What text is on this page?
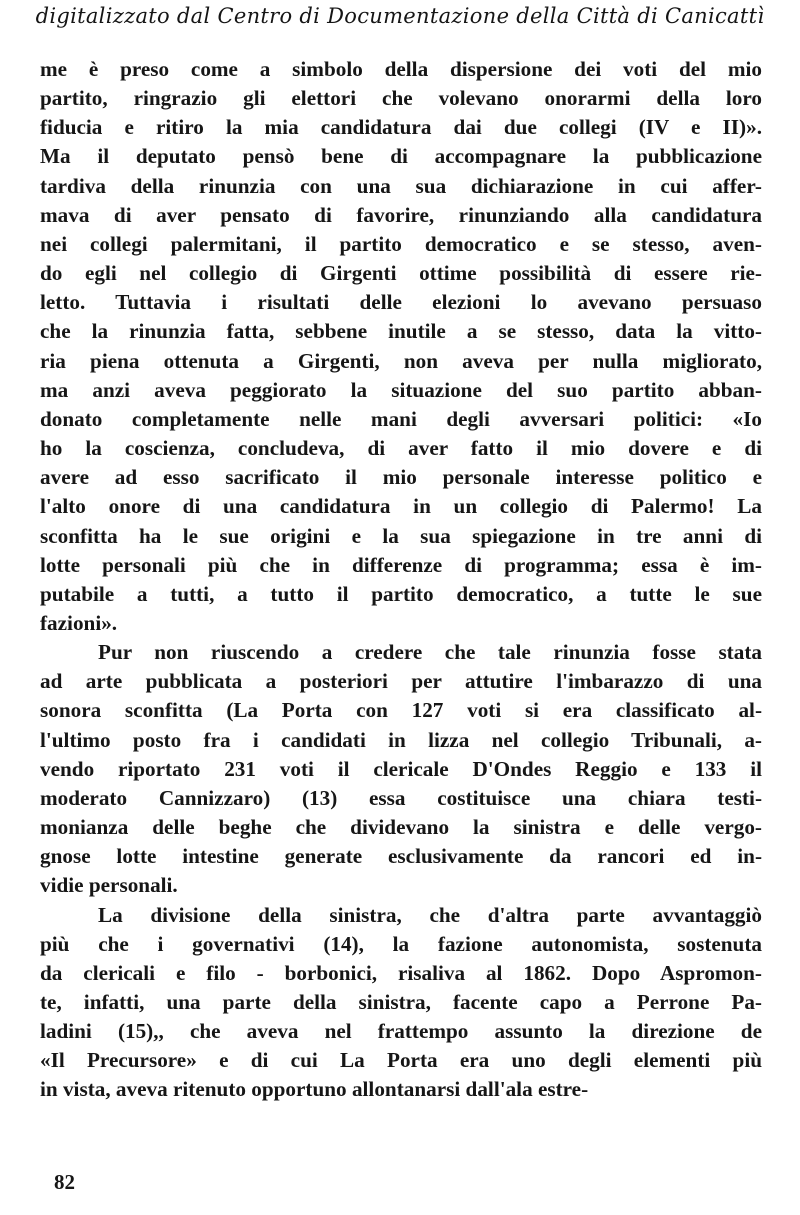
digitalizzato dal Centro di Documentazione della Città di Canicattì
me è preso come a simbolo della dispersione dei voti del mio
partito, ringrazio gli elettori che volevano onorarmi della loro
fiducia e ritiro la mia candidatura dai due collegi (IV e II)».
Ma il deputato pensò bene di accompagnare la pubblicazione
tardiva della rinunzia con una sua dichiarazione in cui affer-
mava di aver pensato di favorire, rinunziando alla candidatura
nei collegi palermitani, il partito democratico e se stesso, aven-
do egli nel collegio di Girgenti ottime possibilità di essere rie-
letto. Tuttavia i risultati delle elezioni lo avevano persuaso
che la rinunzia fatta, sebbene inutile a se stesso, data la vitto-
ria piena ottenuta a Girgenti, non aveva per nulla migliorato,
ma anzi aveva peggiorato la situazione del suo partito abban-
donato completamente nelle mani degli avversari politici: «Io
ho la coscienza, concludeva, di aver fatto il mio dovere e di
avere ad esso sacrificato il mio personale interesse politico e
l'alto onore di una candidatura in un collegio di Palermo! La
sconfitta ha le sue origini e la sua spiegazione in tre anni di
lotte personali più che in differenze di programma; essa è im-
putabile a tutti, a tutto il partito democratico, a tutte le sue
fazioni».
Pur non riuscendo a credere che tale rinunzia fosse stata
ad arte pubblicata a posteriori per attutire l'imbarazzo di una
sonora sconfitta (La Porta con 127 voti si era classificato al-
l'ultimo posto fra i candidati in lizza nel collegio Tribunali, a-
vendo riportato 231 voti il clericale D'Ondes Reggio e 133 il
moderato Cannizzaro) (13) essa costituisce una chiara testi-
monianza delle beghe che dividevano la sinistra e delle vergo-
gnose lotte intestine generate esclusivamente da rancori ed in-
vidie personali.
La divisione della sinistra, che d'altra parte avvantaggiò
più che i governativi (14), la fazione autonomista, sostenuta
da clericali e filo - borbonici, risaliva al 1862. Dopo Aspromon-
te, infatti, una parte della sinistra, facente capo a Perrone Pa-
ladini (15),, che aveva nel frattempo assunto la direzione de
«Il Precursore» e di cui La Porta era uno degli elementi più
in vista, aveva ritenuto opportuno allontanarsi dall'ala estre-
82
